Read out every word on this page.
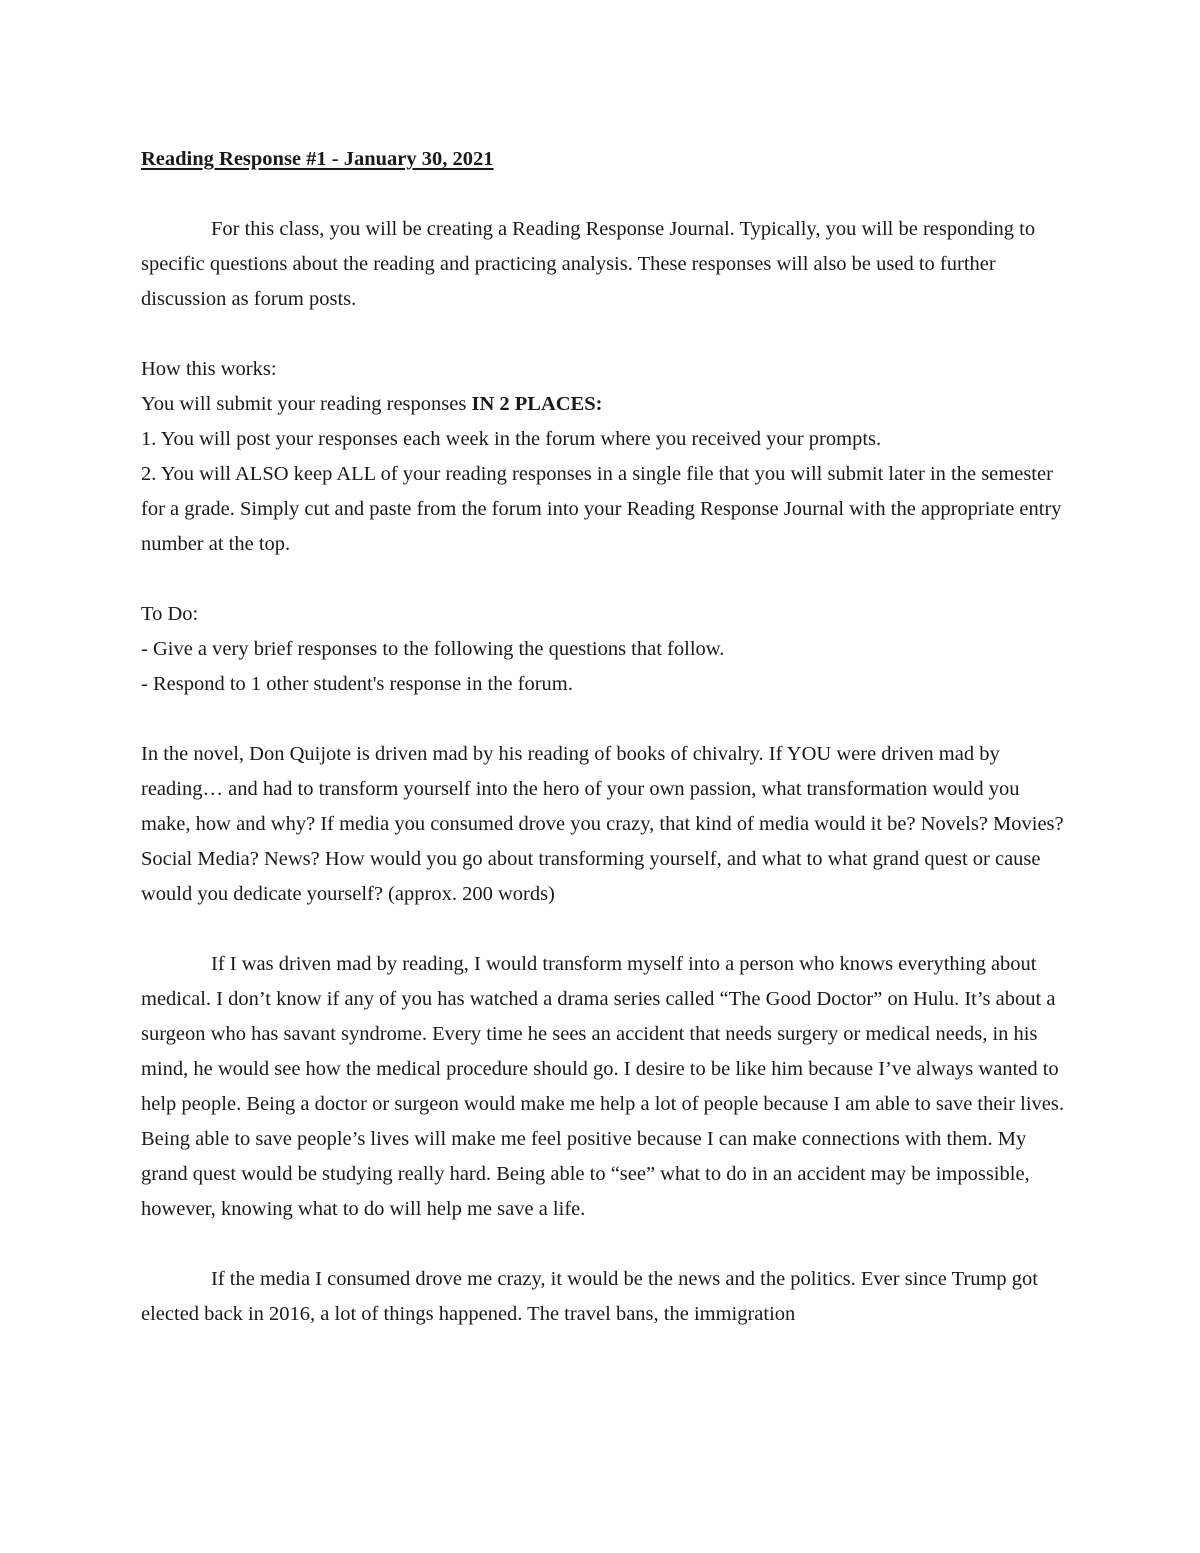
Reading Response #1 - January 30, 2021

For this class, you will be creating a Reading Response Journal. Typically, you will be responding to specific questions about the reading and practicing analysis. These responses will also be used to further discussion as forum posts.

How this works:

You will submit your reading responses IN 2 PLACES:

1. You will post your responses each week in the forum where you received your prompts.

2. You will ALSO keep ALL of your reading responses in a single file that you will submit later in the semester for a grade. Simply cut and paste from the forum into your Reading Response Journal with the appropriate entry number at the top.

To Do:

- Give a very brief responses to the following the questions that follow.

- Respond to 1 other student's response in the forum.

In the novel, Don Quijote is driven mad by his reading of books of chivalry. If YOU were driven mad by reading… and had to transform yourself into the hero of your own passion, what transformation would you make, how and why? If media you consumed drove you crazy, that kind of media would it be? Novels? Movies? Social Media? News? How would you go about transforming yourself, and what to what grand quest or cause would you dedicate yourself? (approx. 200 words)

If I was driven mad by reading, I would transform myself into a person who knows everything about medical. I don’t know if any of you has watched a drama series called “The Good Doctor” on Hulu. It’s about a surgeon who has savant syndrome. Every time he sees an accident that needs surgery or medical needs, in his mind, he would see how the medical procedure should go. I desire to be like him because I’ve always wanted to help people. Being a doctor or surgeon would make me help a lot of people because I am able to save their lives. Being able to save people’s lives will make me feel positive because I can make connections with them. My grand quest would be studying really hard. Being able to “see” what to do in an accident may be impossible, however, knowing what to do will help me save a life.

If the media I consumed drove me crazy, it would be the news and the politics. Ever since Trump got elected back in 2016, a lot of things happened. The travel bans, the immigration
